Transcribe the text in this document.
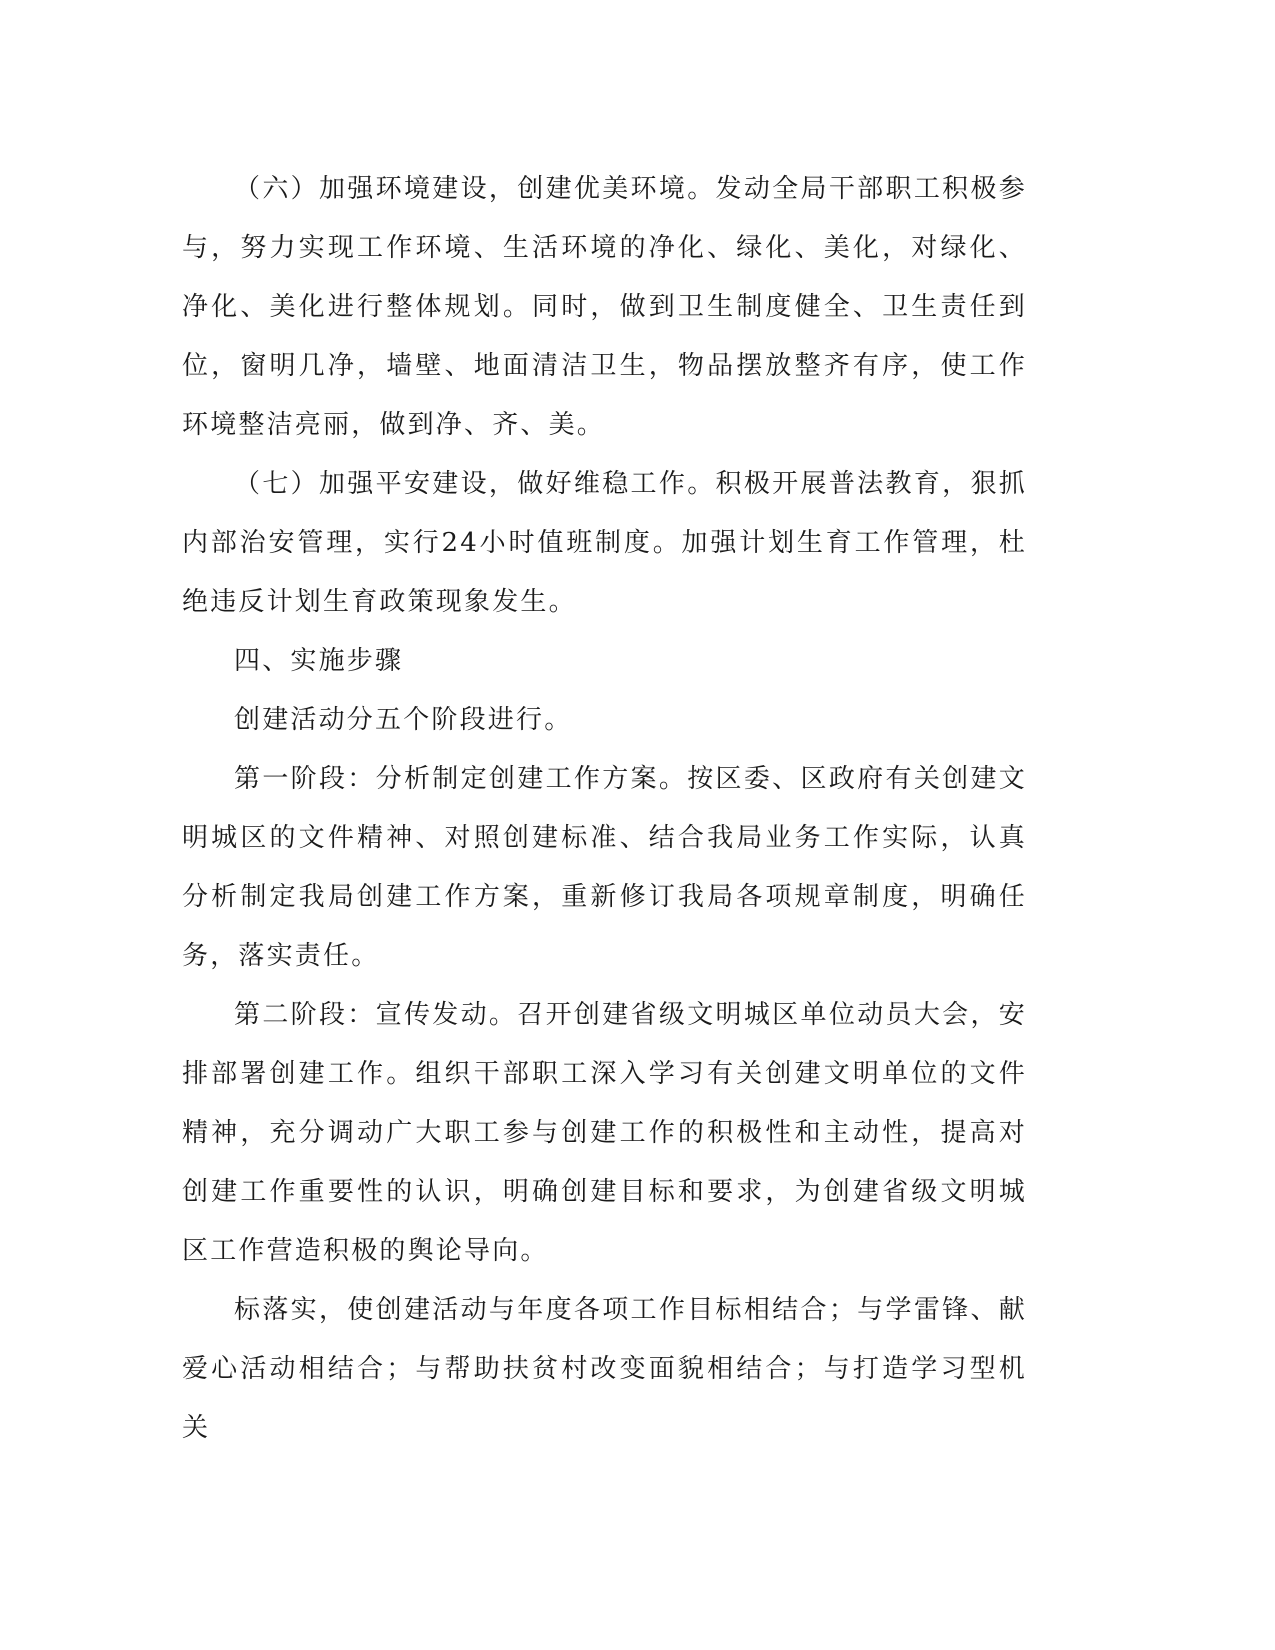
（六）加强环境建设，创建优美环境。发动全局干部职工积极参与，努力实现工作环境、生活环境的净化、绿化、美化，对绿化、净化、美化进行整体规划。同时，做到卫生制度健全、卫生责任到位，窗明几净，墙壁、地面清洁卫生，物品摆放整齐有序，使工作环境整洁亮丽，做到净、齐、美。

（七）加强平安建设，做好维稳工作。积极开展普法教育，狠抓内部治安管理，实行24小时值班制度。加强计划生育工作管理，杜绝违反计划生育政策现象发生。

四、实施步骤

创建活动分五个阶段进行。

第一阶段：分析制定创建工作方案。按区委、区政府有关创建文明城区的文件精神、对照创建标准、结合我局业务工作实际，认真分析制定我局创建工作方案，重新修订我局各项规章制度，明确任务，落实责任。

第二阶段：宣传发动。召开创建省级文明城区单位动员大会，安排部署创建工作。组织干部职工深入学习有关创建文明单位的文件精神，充分调动广大职工参与创建工作的积极性和主动性，提高对创建工作重要性的认识，明确创建目标和要求，为创建省级文明城区工作营造积极的舆论导向。

标落实，使创建活动与年度各项工作目标相结合；与学雷锋、献爱心活动相结合；与帮助扶贫村改变面貌相结合；与打造学习型机关
